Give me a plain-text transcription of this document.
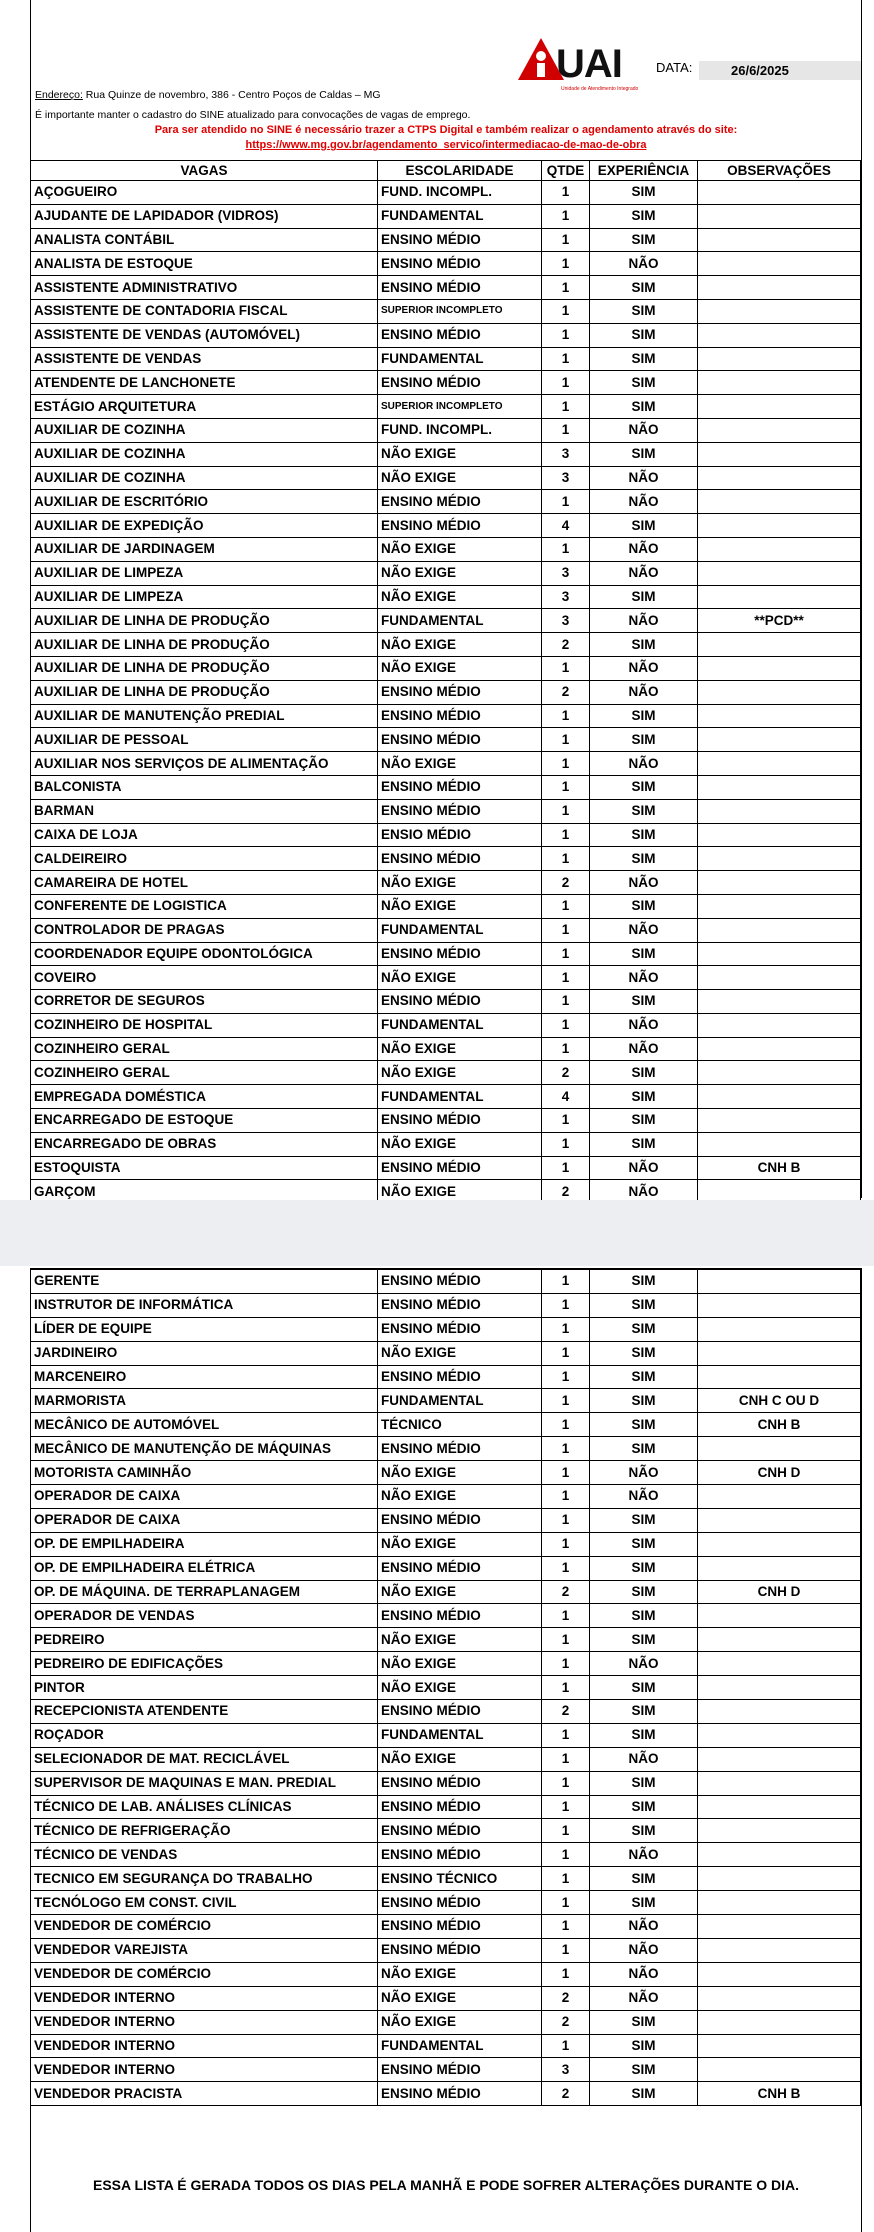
Endereço: Rua Quinze de novembro, 386 - Centro Poços de Caldas – MG
UAI
Unidade de Atendimento Integrado
DATA:	26/6/2025
É importante manter o cadastro do SINE atualizado para convocações de vagas de emprego.
Para ser atendido no SINE é necessário trazer a CTPS Digital e também realizar o agendamento através do site:
https://www.mg.gov.br/agendamento_servico/intermediacao-de-mao-de-obra
VAGAS	ESCOLARIDADE	QTDE	EXPERIÊNCIA	OBSERVAÇÕES
AÇOGUEIRO	FUND. INCOMPL.	1	SIM	
AJUDANTE DE LAPIDADOR (VIDROS)	FUNDAMENTAL	1	SIM	
ANALISTA CONTÁBIL	ENSINO MÉDIO	1	SIM	
ANALISTA DE ESTOQUE	ENSINO MÉDIO	1	NÃO	
ASSISTENTE ADMINISTRATIVO	ENSINO MÉDIO	1	SIM	
ASSISTENTE DE CONTADORIA FISCAL	SUPERIOR INCOMPLETO	1	SIM	
ASSISTENTE DE VENDAS (AUTOMÓVEL)	ENSINO MÉDIO	1	SIM	
ASSISTENTE DE VENDAS	FUNDAMENTAL	1	SIM	
ATENDENTE DE LANCHONETE	ENSINO MÉDIO	1	SIM	
ESTÁGIO ARQUITETURA	SUPERIOR INCOMPLETO	1	SIM	
AUXILIAR DE COZINHA	FUND. INCOMPL.	1	NÃO	
AUXILIAR DE COZINHA	NÃO EXIGE	3	SIM	
AUXILIAR DE COZINHA	NÃO EXIGE	3	NÃO	
AUXILIAR DE ESCRITÓRIO	ENSINO MÉDIO	1	NÃO	
AUXILIAR DE EXPEDIÇÃO	ENSINO MÉDIO	4	SIM	
AUXILIAR DE JARDINAGEM	NÃO EXIGE	1	NÃO	
AUXILIAR DE LIMPEZA	NÃO EXIGE	3	NÃO	
AUXILIAR DE LIMPEZA	NÃO EXIGE	3	SIM	
AUXILIAR DE LINHA DE PRODUÇÃO	FUNDAMENTAL	3	NÃO	**PCD**
AUXILIAR DE LINHA DE PRODUÇÃO	NÃO EXIGE	2	SIM	
AUXILIAR DE LINHA DE PRODUÇÃO	NÃO EXIGE	1	NÃO	
AUXILIAR DE LINHA DE PRODUÇÃO	ENSINO MÉDIO	2	NÃO	
AUXILIAR DE MANUTENÇÃO PREDIAL	ENSINO MÉDIO	1	SIM	
AUXILIAR DE PESSOAL	ENSINO MÉDIO	1	SIM	
AUXILIAR NOS SERVIÇOS DE ALIMENTAÇÃO	NÃO EXIGE	1	NÃO	
BALCONISTA	ENSINO MÉDIO	1	SIM	
BARMAN	ENSINO MÉDIO	1	SIM	
CAIXA DE LOJA	ENSIO MÉDIO	1	SIM	
CALDEIREIRO	ENSINO MÉDIO	1	SIM	
CAMAREIRA DE HOTEL	NÃO EXIGE	2	NÃO	
CONFERENTE DE LOGISTICA	NÃO EXIGE	1	SIM	
CONTROLADOR DE PRAGAS	FUNDAMENTAL	1	NÃO	
COORDENADOR EQUIPE ODONTOLÓGICA	ENSINO MÉDIO	1	SIM	
COVEIRO	NÃO EXIGE	1	NÃO	
CORRETOR DE SEGUROS	ENSINO MÉDIO	1	SIM	
COZINHEIRO DE HOSPITAL	FUNDAMENTAL	1	NÃO	
COZINHEIRO GERAL	NÃO EXIGE	1	NÃO	
COZINHEIRO GERAL	NÃO EXIGE	2	SIM	
EMPREGADA DOMÉSTICA	FUNDAMENTAL	4	SIM	
ENCARREGADO DE ESTOQUE	ENSINO MÉDIO	1	SIM	
ENCARREGADO DE OBRAS	NÃO EXIGE	1	SIM	
ESTOQUISTA	ENSINO MÉDIO	1	NÃO	CNH B
GARÇOM	NÃO EXIGE	2	NÃO	
GERENTE	ENSINO MÉDIO	1	SIM	
INSTRUTOR DE INFORMÁTICA	ENSINO MÉDIO	1	SIM	
LÍDER DE EQUIPE	ENSINO MÉDIO	1	SIM	
JARDINEIRO	NÃO EXIGE	1	SIM	
MARCENEIRO	ENSINO MÉDIO	1	SIM	
MARMORISTA	FUNDAMENTAL	1	SIM	CNH C OU D
MECÂNICO DE AUTOMÓVEL	TÉCNICO	1	SIM	CNH B
MECÂNICO DE MANUTENÇÃO DE MÁQUINAS	ENSINO MÉDIO	1	SIM	
MOTORISTA CAMINHÃO	NÃO EXIGE	1	NÃO	CNH D
OPERADOR DE CAIXA	NÃO EXIGE	1	NÃO	
OPERADOR DE CAIXA	ENSINO MÉDIO	1	SIM	
OP. DE EMPILHADEIRA	NÃO EXIGE	1	SIM	
OP. DE EMPILHADEIRA ELÉTRICA	ENSINO MÉDIO	1	SIM	
OP. DE MÁQUINA. DE TERRAPLANAGEM	NÃO EXIGE	2	SIM	CNH D
OPERADOR DE VENDAS	ENSINO MÉDIO	1	SIM	
PEDREIRO	NÃO EXIGE	1	SIM	
PEDREIRO DE EDIFICAÇÕES	NÃO EXIGE	1	NÃO	
PINTOR	NÃO EXIGE	1	SIM	
RECEPCIONISTA ATENDENTE	ENSINO MÉDIO	2	SIM	
ROÇADOR	FUNDAMENTAL	1	SIM	
SELECIONADOR DE MAT. RECICLÁVEL	NÃO EXIGE	1	NÃO	
SUPERVISOR DE MAQUINAS E MAN. PREDIAL	ENSINO MÉDIO	1	SIM	
TÉCNICO DE LAB. ANÁLISES CLÍNICAS	ENSINO MÉDIO	1	SIM	
TÉCNICO DE REFRIGERAÇÃO	ENSINO MÉDIO	1	SIM	
TÉCNICO DE VENDAS	ENSINO MÉDIO	1	NÃO	
TECNICO EM SEGURANÇA DO TRABALHO	ENSINO TÉCNICO	1	SIM	
TECNÓLOGO EM CONST. CIVIL	ENSINO MÉDIO	1	SIM	
VENDEDOR DE COMÉRCIO	ENSINO MÉDIO	1	NÃO	
VENDEDOR VAREJISTA	ENSINO MÉDIO	1	NÃO	
VENDEDOR DE COMÉRCIO	NÃO EXIGE	1	NÃO	
VENDEDOR INTERNO	NÃO EXIGE	2	NÃO	
VENDEDOR INTERNO	NÃO EXIGE	2	SIM	
VENDEDOR INTERNO	FUNDAMENTAL	1	SIM	
VENDEDOR INTERNO	ENSINO MÉDIO	3	SIM	
VENDEDOR PRACISTA	ENSINO MÉDIO	2	SIM	CNH B
ESSA LISTA É GERADA TODOS OS DIAS PELA MANHÃ E PODE SOFRER ALTERAÇÕES DURANTE O DIA.
